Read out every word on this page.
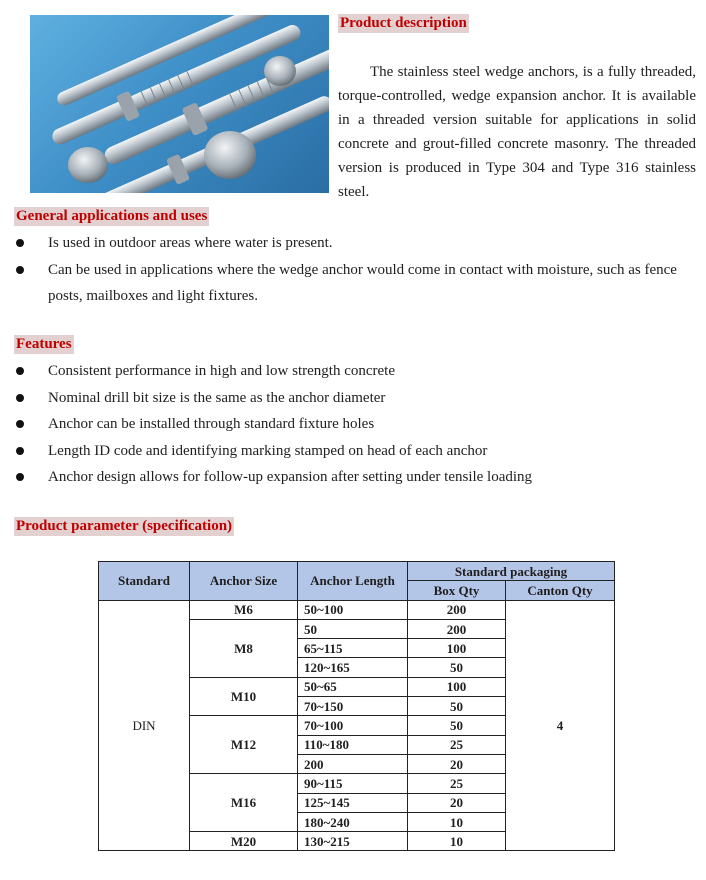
Product description
The stainless steel wedge anchors, is a fully threaded, torque-controlled, wedge expansion anchor. It is available in a threaded version suitable for applications in solid concrete and grout-filled concrete masonry. The threaded version is produced in Type 304 and Type 316 stainless steel.
General applications and uses
Is used in outdoor areas where water is present.
Can be used in applications where the wedge anchor would come in contact with moisture, such as fence posts, mailboxes and light fixtures.
Features
Consistent performance in high and low strength concrete
Nominal drill bit size is the same as the anchor diameter
Anchor can be installed through standard fixture holes
Length ID code and identifying marking stamped on head of each anchor
Anchor design allows for follow-up expansion after setting under tensile loading
Product parameter (specification)
Standard	Anchor Size	Anchor Length	Standard packaging	
			Box Qty	Canton Qty
DIN	M6	50~100	200	4
	M8	50	200	
		65~115	100	
		120~165	50	
	M10	50~65	100	
		70~150	50	
	M12	70~100	50	
		110~180	25	
		200	20	
	M16	90~115	25	
		125~145	20	
		180~240	10	
	M20	130~215	10	
